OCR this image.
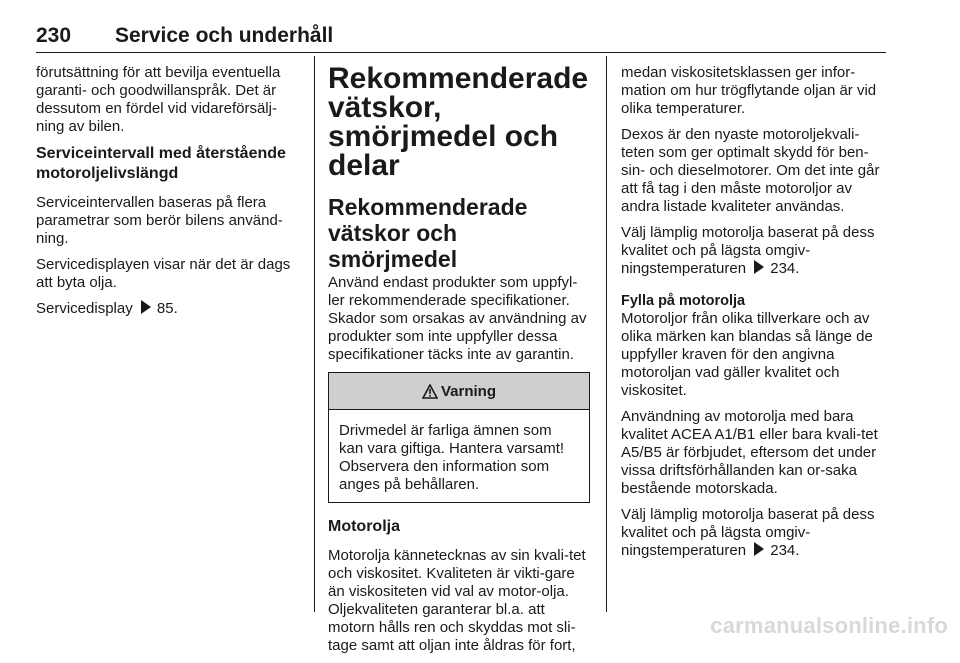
230 Service och underhåll

förutsättning för att bevilja eventuella garanti- och goodwillanspråk. Det är dessutom en fördel vid vidareförsälj-ning av bilen.

Serviceintervall med återstående motoroljelivslängd

Serviceintervallen baseras på flera parametrar som berör bilens använd-ning.

Servicedisplayen visar när det är dags att byta olja.

Servicedisplay 85.

Rekommenderade vätskor, smörjmedel och delar
Rekommenderade vätskor och smörjmedel

Använd endast produkter som uppfyl-ler rekommenderade specifikationer. Skador som orsakas av användning av produkter som inte uppfyller dessa specifikationer täcks inte av garantin.

Varning

Drivmedel är farliga ämnen som kan vara giftiga. Hantera varsamt! Observera den information som anges på behållaren.

Motorolja

Motorolja kännetecknas av sin kvali-tet och viskositet. Kvaliteten är vikti-gare än viskositeten vid val av motor-olja. Oljekvaliteten garanterar bl.a. att motorn hålls ren och skyddas mot sli-tage samt att oljan inte åldras för fort,

medan viskositetsklassen ger infor-mation om hur trögflytande oljan är vid olika temperaturer.

Dexos är den nyaste motoroljekvali-teten som ger optimalt skydd för ben-sin- och dieselmotorer. Om det inte går att få tag i den måste motoroljor av andra listade kvaliteter användas.

Välj lämplig motorolja baserat på dess kvalitet och på lägsta omgiv-ningstemperaturen 234.

Fylla på motorolja

Motoroljor från olika tillverkare och av olika märken kan blandas så länge de uppfyller kraven för den angivna motoroljan vad gäller kvalitet och viskositet.

Användning av motorolja med bara kvalitet ACEA A1/B1 eller bara kvali-tet A5/B5 är förbjudet, eftersom det under vissa driftsförhållanden kan or-saka bestående motorskada.

Välj lämplig motorolja baserat på dess kvalitet och på lägsta omgiv-ningstemperaturen 234.

carmanualsonline.info
